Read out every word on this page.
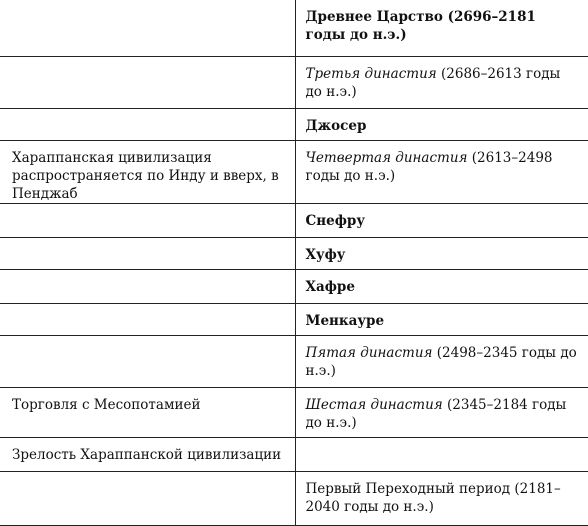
	Древнее Царство (2696–2181 годы до н.э.)
	Третья династия (2686–2613 годы до н.э.)
	Джосер
Хараппанская цивилизация распространяется по Инду и вверх, в Пенджаб	Четвертая династия (2613–2498 годы до н.э.)
	Снефру
	Хуфу
	Хафре
	Менкауре
	Пятая династия (2498–2345 годы до н.э.)
Торговля с Месопотамией	Шестая династия (2345–2184 годы до н.э.)
Зрелость Хараппанской цивилизации	
	Первый Переходный период (2181–2040 годы до н.э.)
